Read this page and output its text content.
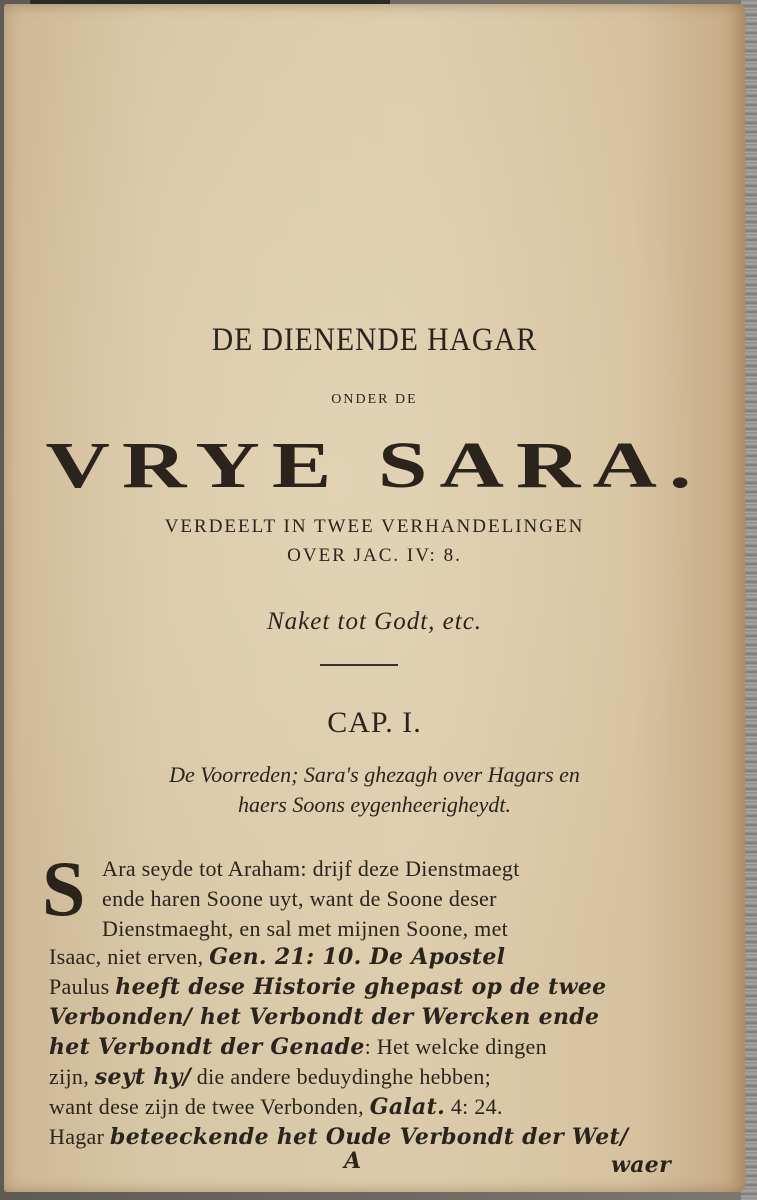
DE DIENENDE HAGAR
ONDER DE
VRYE SARA.
VERDEELT IN TWEE VERHANDELINGEN
OVER JAC. IV: 8.
Naket tot Godt, etc.
CAP. I.
De Voorreden; Sara's ghezagh over Hagars en
haers Soons eygenheerigheydt.
S Ara seyde tot Araham: drijf deze Dienstmaegt
ende haren Soone uyt, want de Soone deser
Dienstmaeght, en sal met mijnen Soone, met
Isaac, niet erven, Gen. 21: 10. De Apostel
Paulus heeft dese Historie ghepast op de twee
Verbonden/ het Verbondt der Wercken ende
het Verbondt der Genade: Het welcke dingen
zijn, seyt hy/ die andere beduydinghe hebben;
want dese zijn de twee Verbonden, Galat. 4: 24.
Hagar beteeckende het Oude Verbondt der Wet/
A	waer
